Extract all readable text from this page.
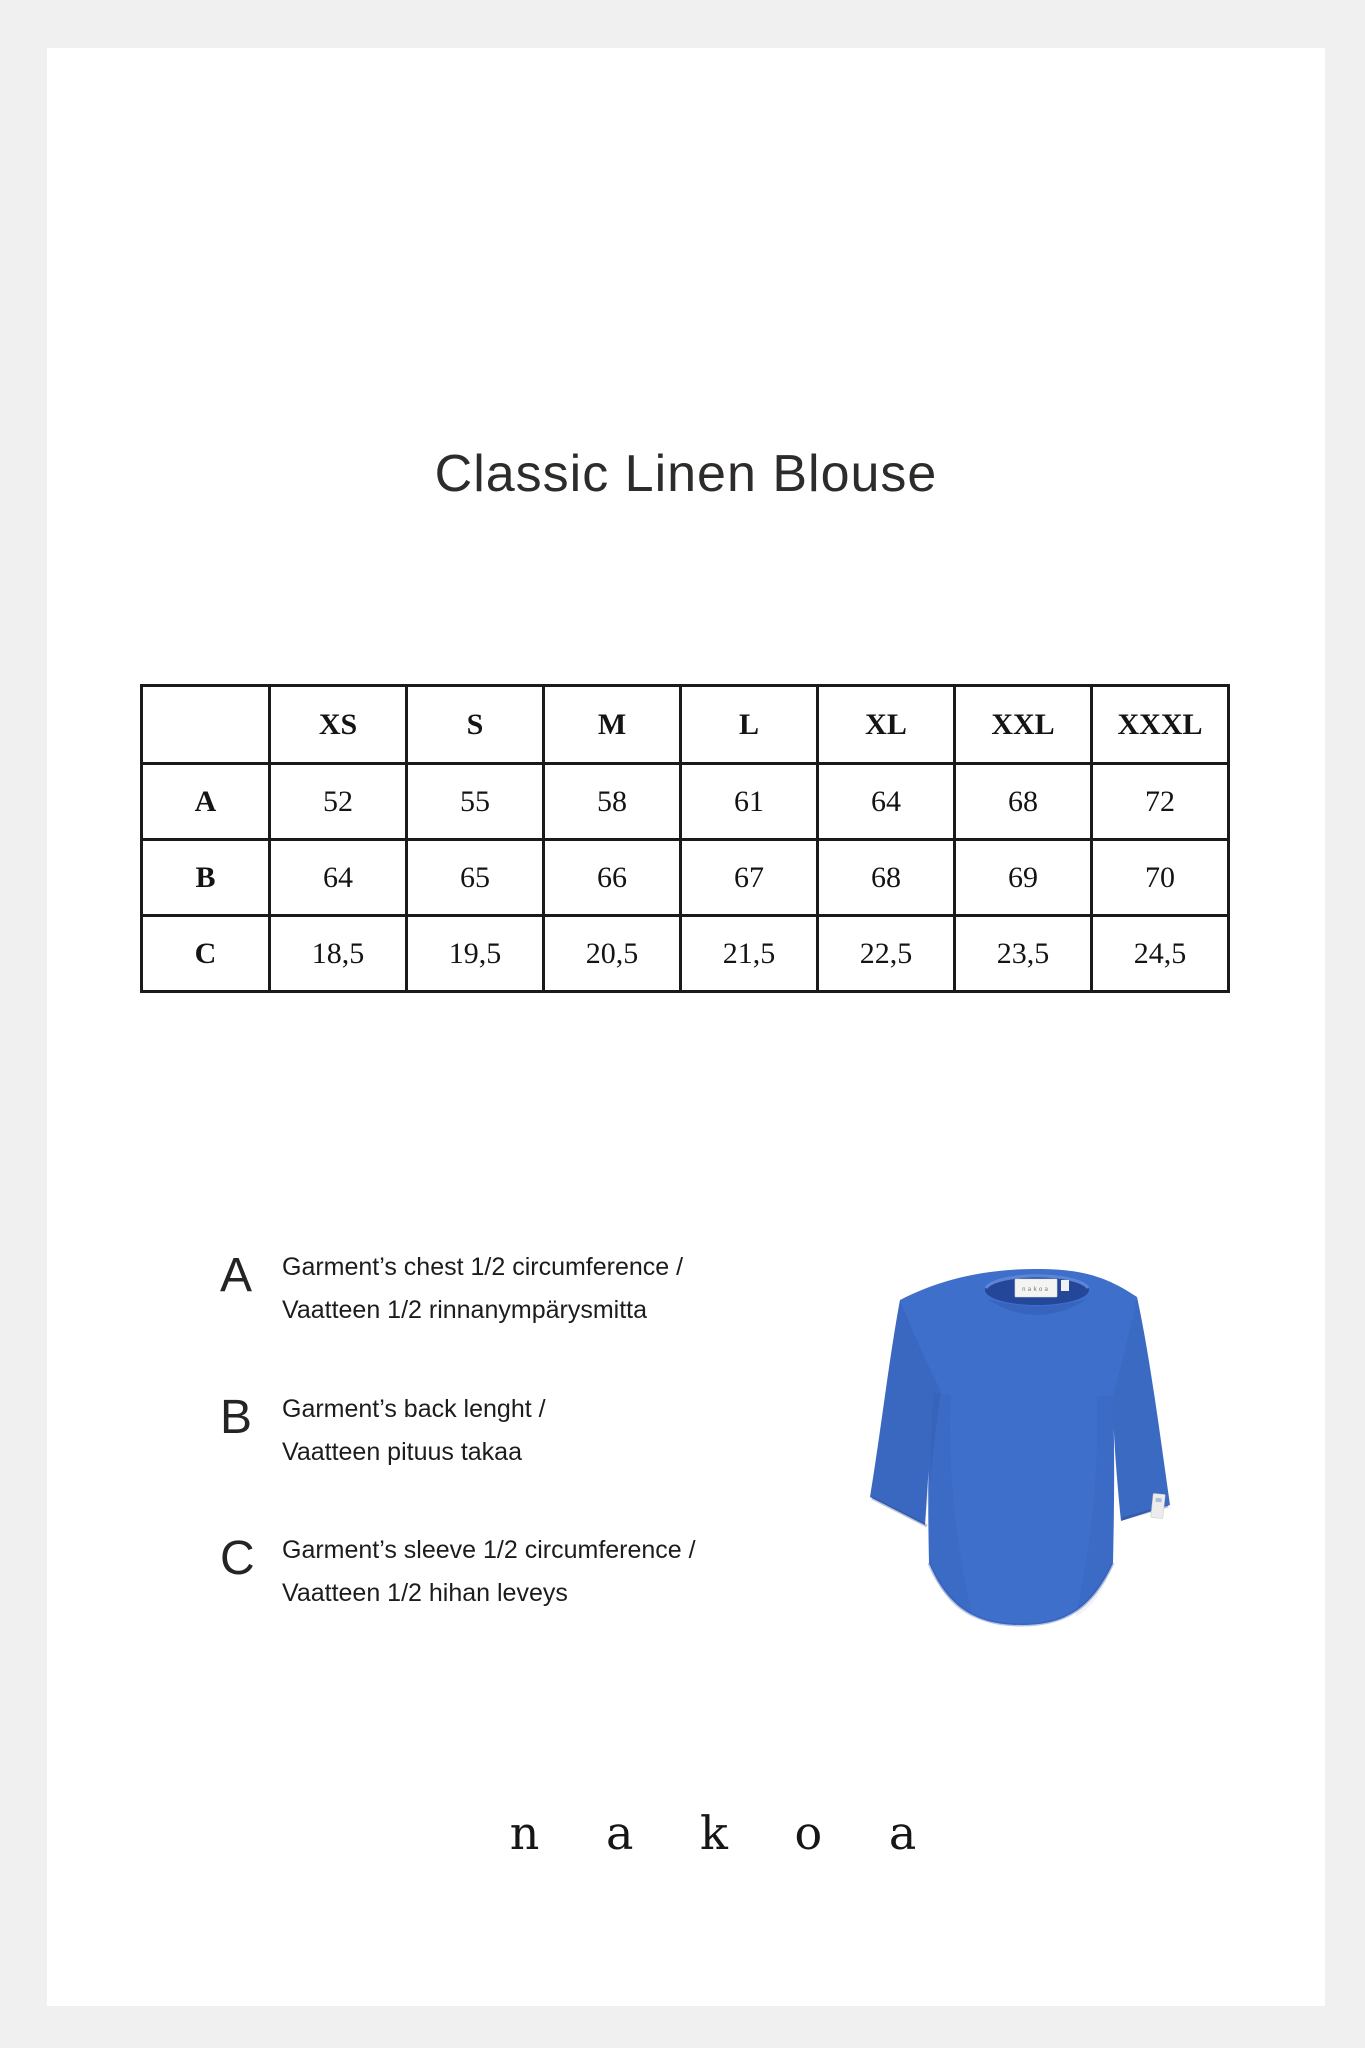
Classic Linen Blouse
	XS	S	M	L	XL	XXL	XXXL
A	52	55	58	61	64	68	72
B	64	65	66	67	68	69	70
C	18,5	19,5	20,5	21,5	22,5	23,5	24,5
A	Garment’s chest 1/2 circumference /
Vaatteen 1/2 rinnanympärysmitta
B	Garment’s back lenght /
Vaatteen pituus takaa
C	Garment’s sleeve 1/2 circumference /
Vaatteen 1/2 hihan leveys
nakoa
n a k o a
